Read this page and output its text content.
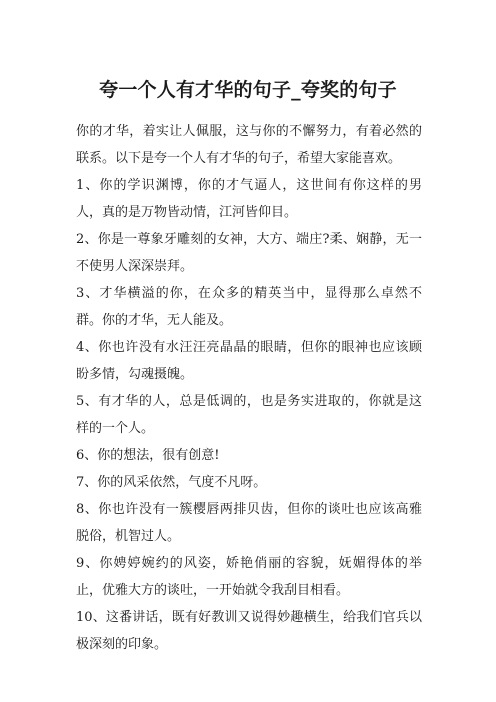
夸一个人有才华的句子_夸奖的句子

你的才华，着实让人佩服，这与你的不懈努力，有着必然的联系。以下是夸一个人有才华的句子，希望大家能喜欢。

1、你的学识渊博，你的才气逼人，这世间有你这样的男人，真的是万物皆动情，江河皆仰目。

2、你是一尊象牙雕刻的女神，大方、端庄?柔、娴静，无一不使男人深深崇拜。

3、才华横溢的你，在众多的精英当中，显得那么卓然不群。你的才华，无人能及。

4、你也许没有水汪汪亮晶晶的眼睛，但你的眼神也应该顾盼多情，勾魂摄魄。

5、有才华的人，总是低调的，也是务实进取的，你就是这样的一个人。

6、你的想法，很有创意!

7、你的风采依然，气度不凡呀。

8、你也许没有一簇樱唇两排贝齿，但你的谈吐也应该高雅脱俗，机智过人。

9、你娉婷婉约的风姿，娇艳俏丽的容貌，妩媚得体的举止，优雅大方的谈吐，一开始就令我刮目相看。

10、这番讲话，既有好教训又说得妙趣横生，给我们官兵以极深刻的印象。
